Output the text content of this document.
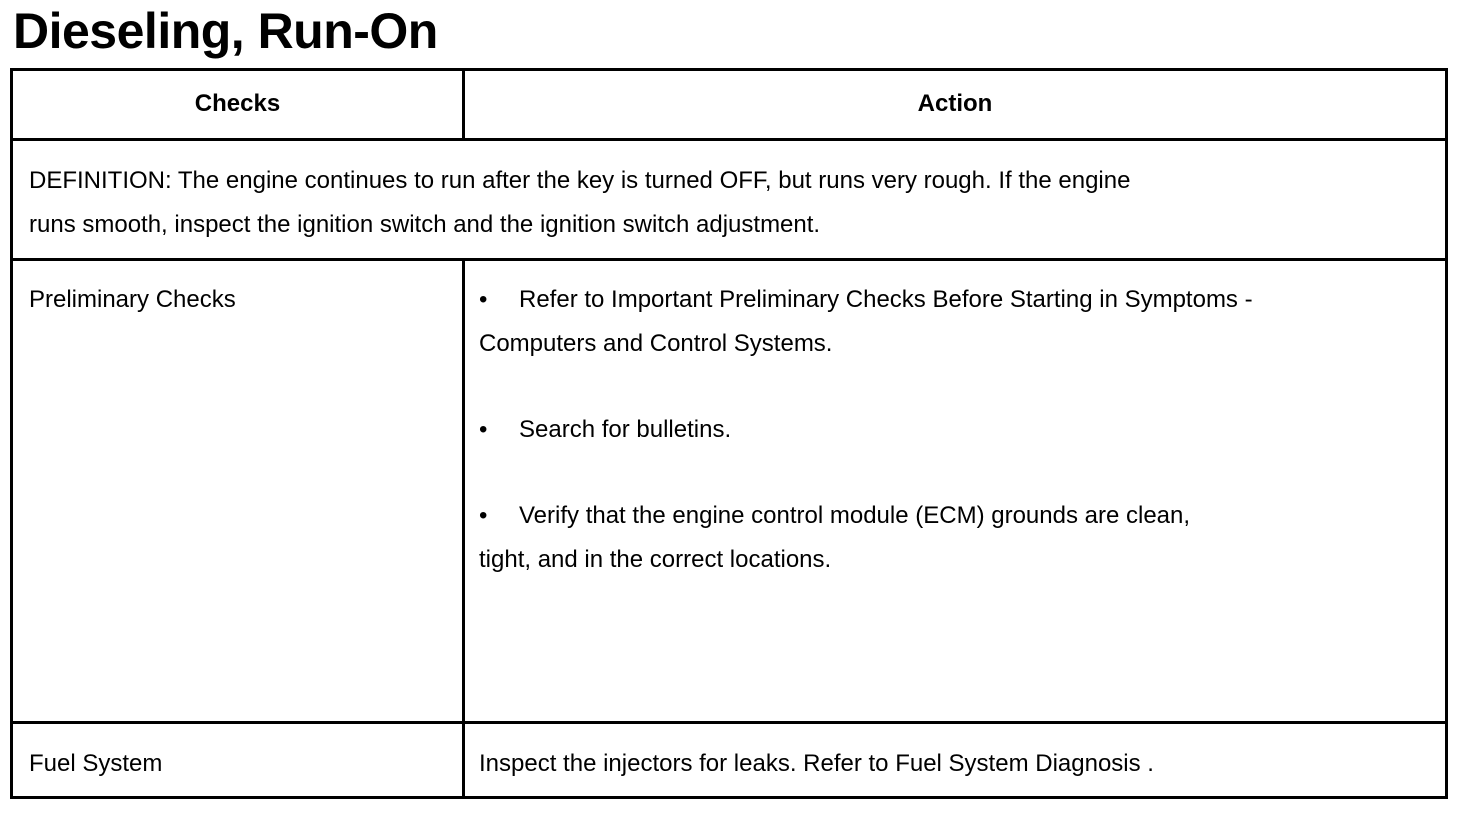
Dieseling, Run-On
Checks	Action
DEFINITION: The engine continues to run after the key is turned OFF, but runs very rough. If the engine
runs smooth, inspect the ignition switch and the ignition switch adjustment.
Preliminary Checks	• Refer to Important Preliminary Checks Before Starting in Symptoms -
Computers and Control Systems.
• Search for bulletins.
• Verify that the engine control module (ECM) grounds are clean,
tight, and in the correct locations.
Fuel System	Inspect the injectors for leaks. Refer to Fuel System Diagnosis .
